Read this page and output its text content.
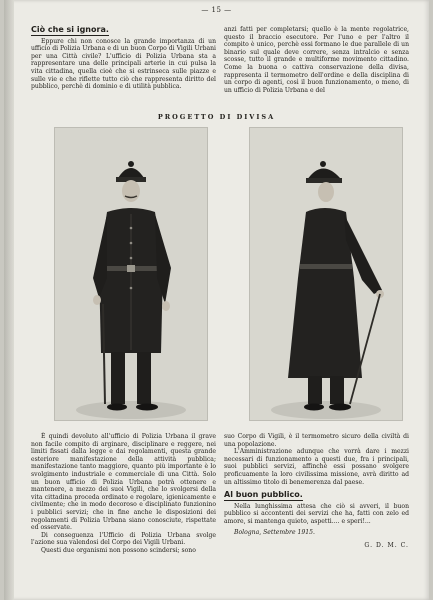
— 15 —
Ciò che si ignora.

Eppure chi non conosce la grande importanza di un ufficio di Polizia Urbana e di un buon Corpo di Vigili Urbani per una Città civile? L'ufficio di Polizia Urbana sta a rappresentare una delle principali arterie in cui pulsa la vita cittadina, quella cioè che si estrinseca sulle piazze e sulle vie e che riflette tutto ciò che rappresenta diritto del pubblico, perchè di dominio e di utilità pubblica.

anzi fatti per completarsi; quello è la mente regolatrice, questo il braccio esecutore. Per l'uno e per l'altro il compito è unico, perchè essi formano le due parallele di un binario sul quale deve correre, senza intralcio e senza scosse, tutto il grande e multiforme movimento cittadino. Come la buona o cattiva conservazione della divisa, rappresenta il termometro dell'ordine e della disciplina di un corpo di agenti, così il buon funzionamento, o meno, di un ufficio di Polizia Urbana e del

PROGETTO DI DIVISA

È quindi devoluto all'ufficio di Polizia Urbana il grave non facile compito di arginare, disciplinare e reggere, nei limiti fissati dalla legge e dai regolamenti, questa grande esteriore manifestazione della attività pubblica; manifestazione tanto maggiore, quanto più importante è lo svolgimento industriale e commerciale di una Città. Solo un buon ufficio di Polizia Urbana potrà ottenere e mantenere, a mezzo dei suoi Vigili, che lo svolgersi della vita cittadina proceda ordinato e regolare, igienicamente e civilmente; che in modo decoroso e disciplinato funzionino i pubblici servizi; che in fine anche le disposizioni dei regolamenti di Polizia Urbana siano conosciute, rispettate ed osservate.

Di conseguenza l'Ufficio di Polizia Urbana svolge l'azione sua valendosi del Corpo dei Vigili Urbani.

Questi due organismi non possono scindersi; sono

suo Corpo di Vigili, è il termometro sicuro della civiltà di una popolazione.

L'Amministrazione adunque che vorrà dare i mezzi necessari di funzionamento a questi due, fra i principali, suoi pubblici servizi, affinchè essi possano svolgere proficuamente la loro civilissima missione, avrà diritto ad un altissimo titolo di benemerenza dal paese.

Al buon pubblico.

Nella lunghissima attesa che ciò si avveri, il buon pubblico si accontenti dei servizi che ha, fatti con zelo ed amore, si mantenga quieto, aspetti.... e speri!...

Bologna, Settembre 1915.
G. D. M. C.
